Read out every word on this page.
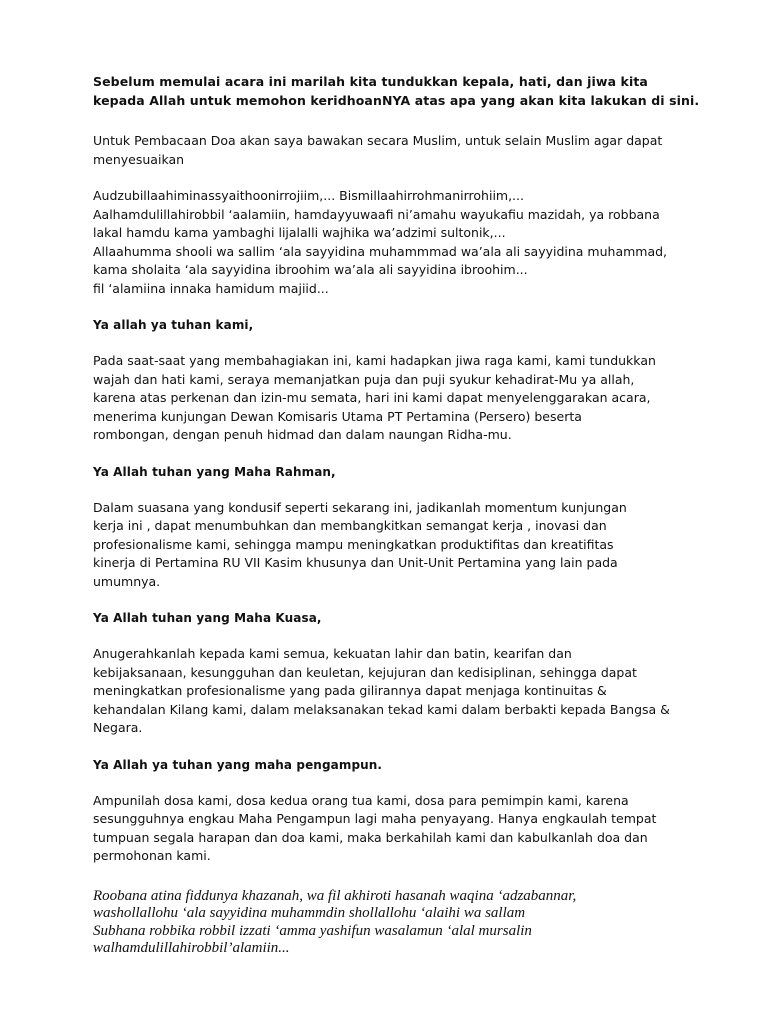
Sebelum memulai acara ini marilah kita tundukkan kepala, hati, dan jiwa kita
kepada Allah untuk memohon keridhoanNYA atas apa yang akan kita lakukan di sini.
Untuk Pembacaan Doa akan saya bawakan secara Muslim, untuk selain Muslim agar dapat
menyesuaikan
Audzubillaahiminassyaithoonirrojiim,... Bismillaahirrohmanirrohiim,...
Aalhamdulillahirobbil ‘aalamiin, hamdayyuwaafi ni’amahu wayukafiu mazidah, ya robbana
lakal hamdu kama yambaghi lijalalli wajhika wa’adzimi sultonik,...
Allaahumma shooli wa sallim ‘ala sayyidina muhammmad wa’ala ali sayyidina muhammad,
kama sholaita ‘ala sayyidina ibroohim wa’ala ali sayyidina ibroohim...
fil ‘alamiina innaka hamidum majiid...
Ya allah ya tuhan kami,
Pada saat-saat yang membahagiakan ini, kami hadapkan jiwa raga kami, kami tundukkan
wajah dan hati kami, seraya memanjatkan puja dan puji syukur kehadirat-Mu ya allah,
karena atas perkenan dan izin-mu semata, hari ini kami dapat menyelenggarakan acara,
menerima kunjungan Dewan Komisaris Utama PT Pertamina (Persero) beserta
rombongan, dengan penuh hidmad dan dalam naungan Ridha-mu.
Ya Allah tuhan yang Maha Rahman,
Dalam suasana yang kondusif seperti sekarang ini, jadikanlah momentum kunjungan
kerja ini , dapat menumbuhkan dan membangkitkan semangat kerja , inovasi dan
profesionalisme kami, sehingga mampu meningkatkan produktifitas dan kreatifitas
kinerja di Pertamina RU VII Kasim khusunya dan Unit-Unit Pertamina yang lain pada
umumnya.
Ya Allah tuhan yang Maha Kuasa,
Anugerahkanlah kepada kami semua, kekuatan lahir dan batin, kearifan dan
kebijaksanaan, kesungguhan dan keuletan, kejujuran dan kedisiplinan, sehingga dapat
meningkatkan profesionalisme yang pada gilirannya dapat menjaga kontinuitas &
kehandalan Kilang kami, dalam melaksanakan tekad kami dalam berbakti kepada Bangsa &
Negara.
Ya Allah ya tuhan yang maha pengampun.
Ampunilah dosa kami, dosa kedua orang tua kami, dosa para pemimpin kami, karena
sesungguhnya engkau Maha Pengampun lagi maha penyayang. Hanya engkaulah tempat
tumpuan segala harapan dan doa kami, maka berkahilah kami dan kabulkanlah doa dan
permohonan kami.
Roobana atina fiddunya khazanah, wa fil akhiroti hasanah waqina ‘adzabannar,
washollallohu ‘ala sayyidina muhammdin shollallohu ‘alaihi wa sallam
Subhana robbika robbil izzati ‘amma yashifun wasalamun ‘alal mursalin
walhamdulillahirobbil’alamiin...
